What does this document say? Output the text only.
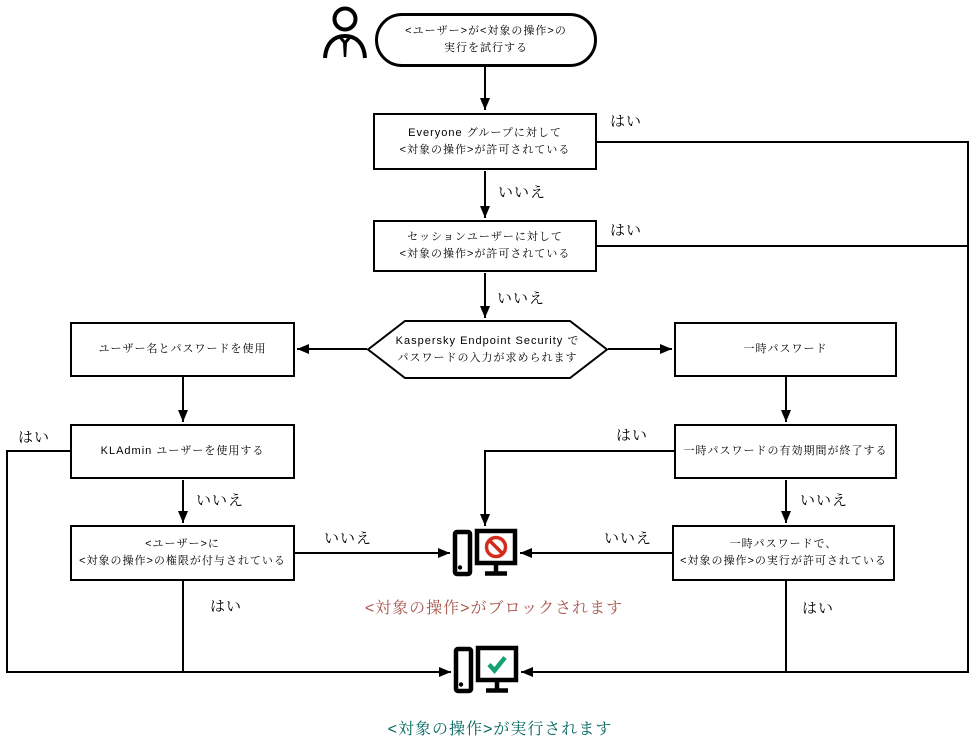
<ユーザー>が<対象の操作>の
実行を試行する
Everyone グループに対して
<対象の操作>が許可されている
セッションユーザーに対して
<対象の操作>が許可されている
Kaspersky Endpoint Security で
パスワードの入力が求められます
ユーザー名とパスワードを使用
KLAdmin ユーザーを使用する
<ユーザー>に
<対象の操作>の権限が付与されている
一時パスワード
一時パスワードの有効期間が終了する
一時パスワードで、
<対象の操作>の実行が許可されている
はい
いいえ
はい
いいえ
はい
いいえ
いいえ
はい
はい
いいえ
いいえ
はい
<対象の操作>がブロックされます
<対象の操作>が実行されます
